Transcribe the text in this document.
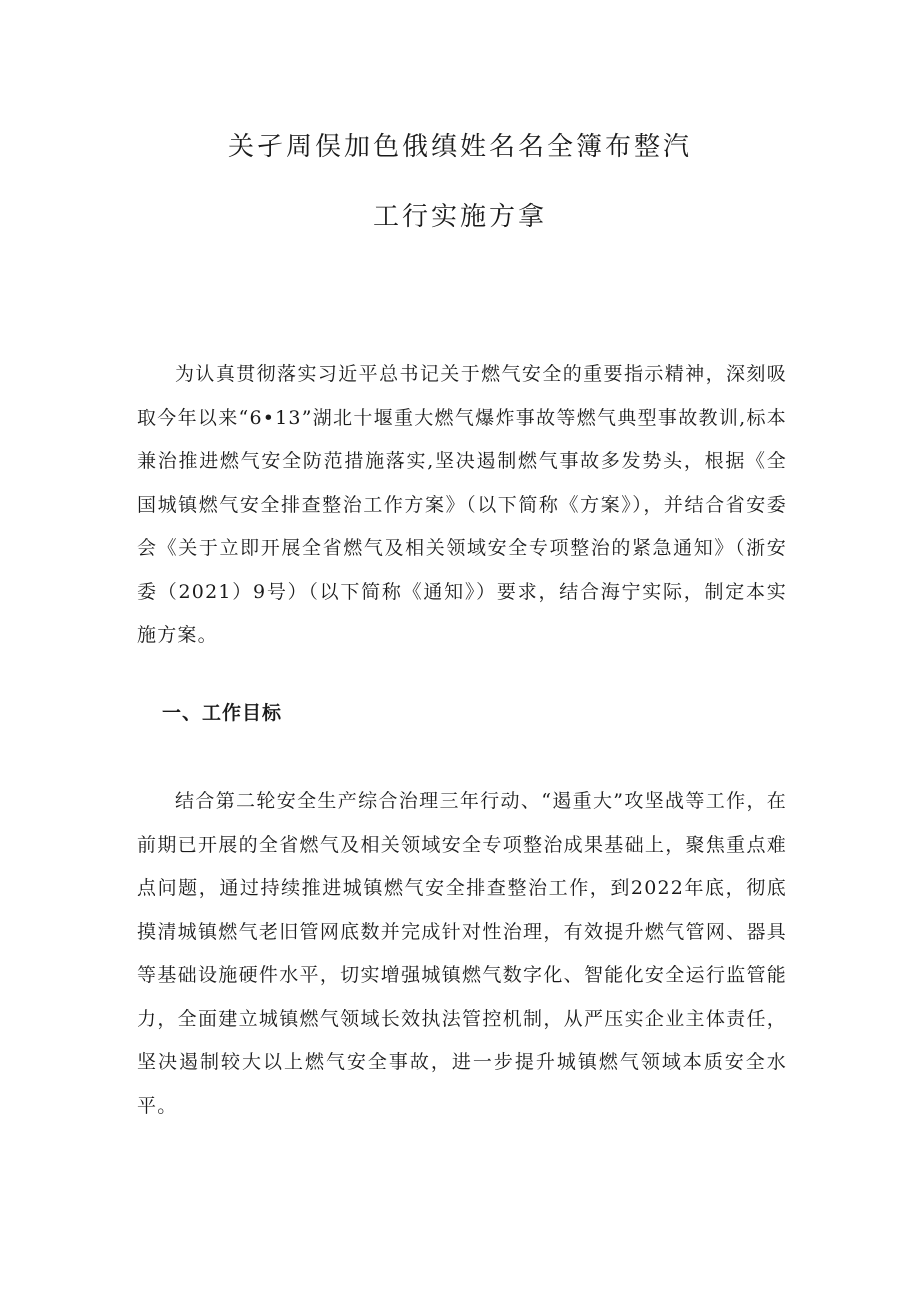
关孑周俣加色俄缜姓名名全簿布整汽
工行实施方拿

为认真贯彻落实习近平总书记关于燃气安全的重要指示精神，深刻吸取今年以来“6•13”湖北十堰重大燃气爆炸事故等燃气典型事故教训,标本兼治推进燃气安全防范措施落实,坚决遏制燃气事故多发势头，根据《全国城镇燃气安全排查整治工作方案》（以下简称《方案》），并结合省安委会《关于立即开展全省燃气及相关领域安全专项整治的紧急通知》（浙安委（2021）9号）（以下简称《通知》）要求，结合海宁实际，制定本实施方案。

一、工作目标

结合第二轮安全生产综合治理三年行动、“遏重大”攻坚战等工作，在前期已开展的全省燃气及相关领域安全专项整治成果基础上，聚焦重点难点问题，通过持续推进城镇燃气安全排查整治工作，到2022年底，彻底摸清城镇燃气老旧管网底数并完成针对性治理，有效提升燃气管网、器具等基础设施硬件水平，切实增强城镇燃气数字化、智能化安全运行监管能力，全面建立城镇燃气领域长效执法管控机制，从严压实企业主体责任，坚决遏制较大以上燃气安全事故，进一步提升城镇燃气领域本质安全水平。
